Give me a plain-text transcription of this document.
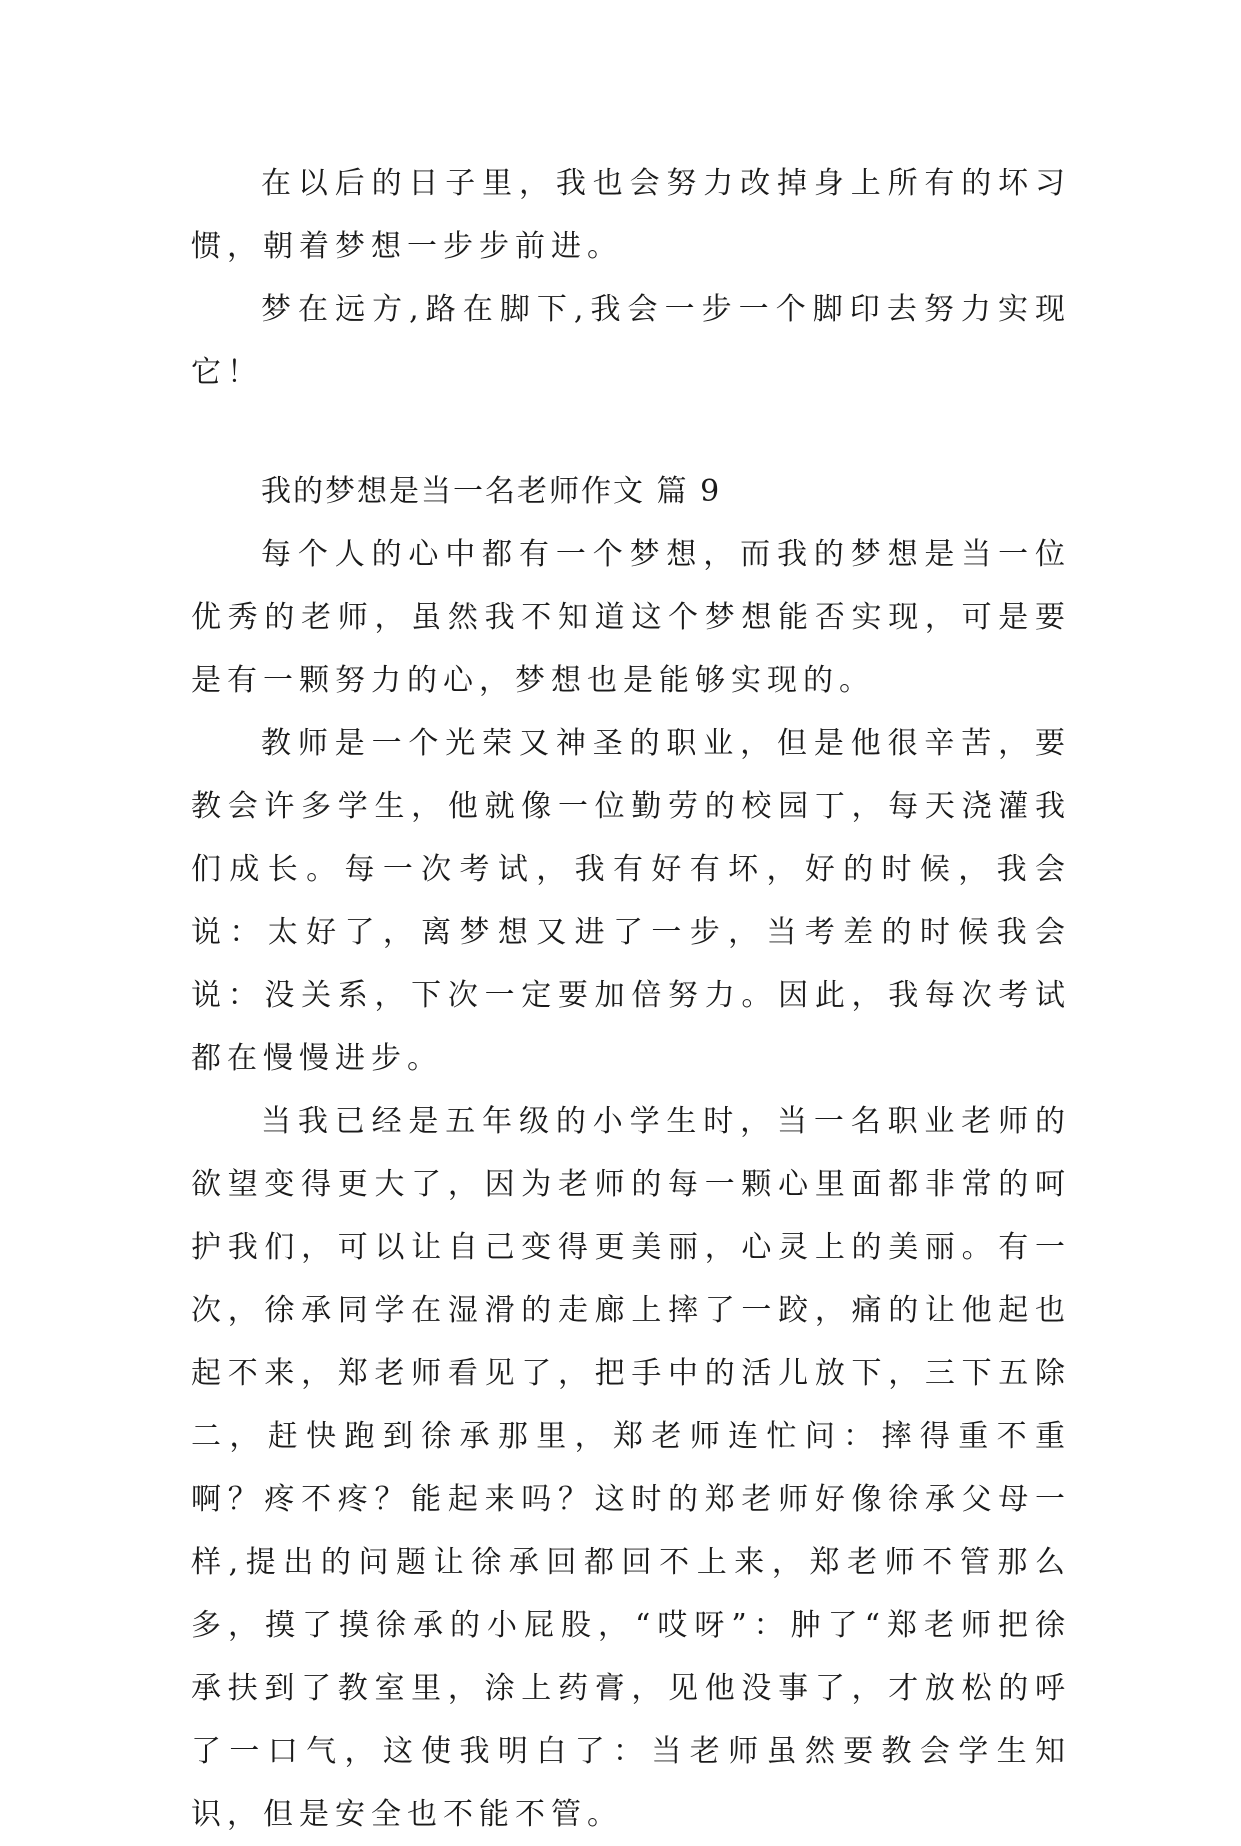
在以后的日子里，我也会努力改掉身上所有的坏习惯，朝着梦想一步步前进。

梦在远方,路在脚下,我会一步一个脚印去努力实现它！

我的梦想是当一名老师作文 篇 9

每个人的心中都有一个梦想，而我的梦想是当一位优秀的老师，虽然我不知道这个梦想能否实现，可是要是有一颗努力的心，梦想也是能够实现的。

教师是一个光荣又神圣的职业，但是他很辛苦，要教会许多学生，他就像一位勤劳的校园丁，每天浇灌我们成长。每一次考试，我有好有坏，好的时候，我会说：太好了，离梦想又进了一步，当考差的时候我会说：没关系，下次一定要加倍努力。因此，我每次考试都在慢慢进步。

当我已经是五年级的小学生时，当一名职业老师的欲望变得更大了，因为老师的每一颗心里面都非常的呵护我们，可以让自己变得更美丽，心灵上的美丽。有一次，徐承同学在湿滑的走廊上摔了一跤，痛的让他起也起不来，郑老师看见了，把手中的活儿放下，三下五除二，赶快跑到徐承那里，郑老师连忙问：摔得重不重啊？疼不疼？能起来吗？这时的郑老师好像徐承父母一样,提出的问题让徐承回都回不上来，郑老师不管那么多，摸了摸徐承的小屁股，“哎呀”：肿了“郑老师把徐承扶到了教室里，涂上药膏，见他没事了，才放松的呼了一口气，这使我明白了：当老师虽然要教会学生知识，但是安全也不能不管。
